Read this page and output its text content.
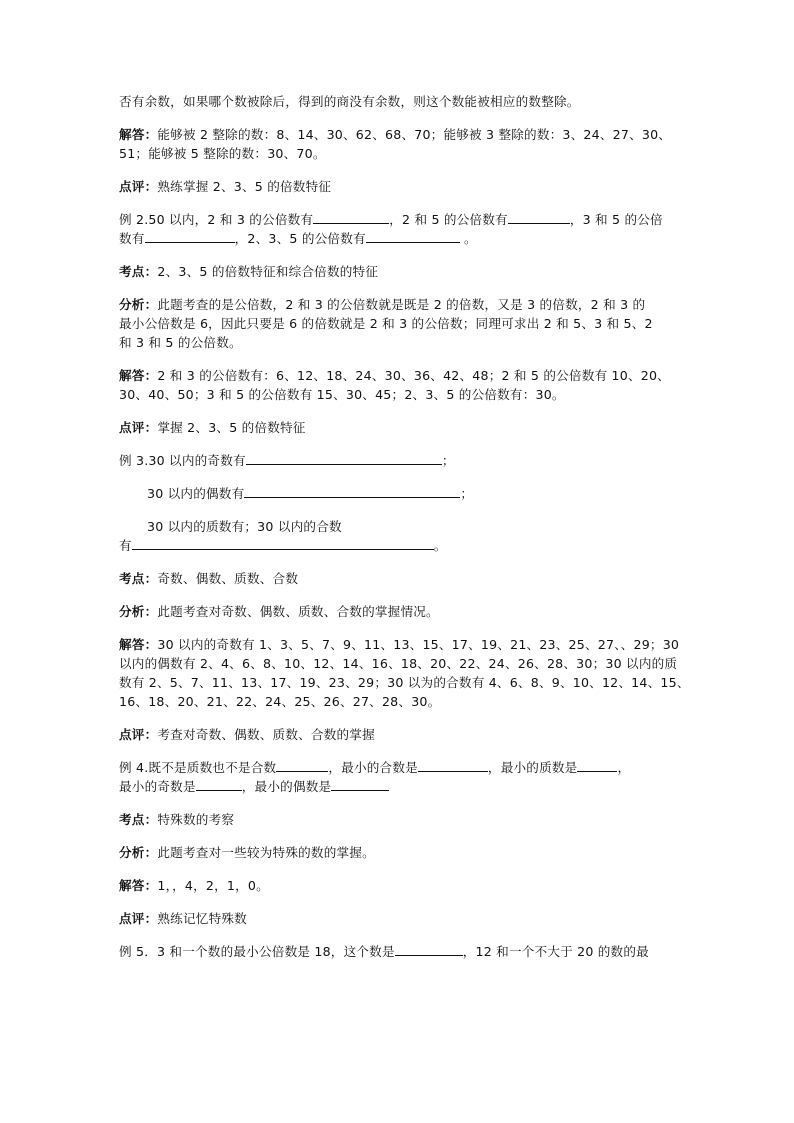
否有余数，如果哪个数被除后，得到的商没有余数，则这个数能被相应的数整除。
解答：能够被 2 整除的数：8、14、30、62、68、70；能够被 3 整除的数：3、24、27、30、
51；能够被 5 整除的数：30、70。
点评：熟练掌握 2、3、5 的倍数特征
例 2.50 以内，2 和 3 的公倍数有	，2 和 5 的公倍数有	，3 和 5 的公倍
数有	，2、3、5 的公倍数有	。
考点：2、3、5 的倍数特征和综合倍数的特征
分析：此题考查的是公倍数，2 和 3 的公倍数就是既是 2 的倍数，又是 3 的倍数，2 和 3 的
最小公倍数是 6，因此只要是 6 的倍数就是 2 和 3 的公倍数；同理可求出 2 和 5、3 和 5、2
和 3 和 5 的公倍数。
解答：2 和 3 的公倍数有：6、12、18、24、30、36、42、48；2 和 5 的公倍数有 10、20、
30、40、50；3 和 5 的公倍数有 15、30、45；2、3、5 的公倍数有：30。
点评：掌握 2、3、5 的倍数特征
例 3.30 以内的奇数有	；
30 以内的偶数有	；
30 以内的质数有；30 以内的合数
有	。
考点：奇数、偶数、质数、合数
分析：此题考查对奇数、偶数、质数、合数的掌握情况。
解答：30 以内的奇数有 1、3、5、7、9、11、13、15、17、19、21、23、25、27、、29；30
以内的偶数有 2、4、6、8、10、12、14、16、18、20、22、24、26、28、30；30 以内的质
数有 2、5、7、11、13、17、19、23、29；30 以为的合数有 4、6、8、9、10、12、14、15、
16、18、20、21、22、24、25、26、27、28、30。
点评：考查对奇数、偶数、质数、合数的掌握
例 4.既不是质数也不是合数	，最小的合数是	，最小的质数是	，
最小的奇数是	，最小的偶数是
考点：特殊数的考察
分析：此题考查对一些较为特殊的数的掌握。
解答：1，，4，2，1，0。
点评：熟练记忆特殊数
例 5．3 和一个数的最小公倍数是 18，这个数是	，12 和一个不大于 20 的数的最
